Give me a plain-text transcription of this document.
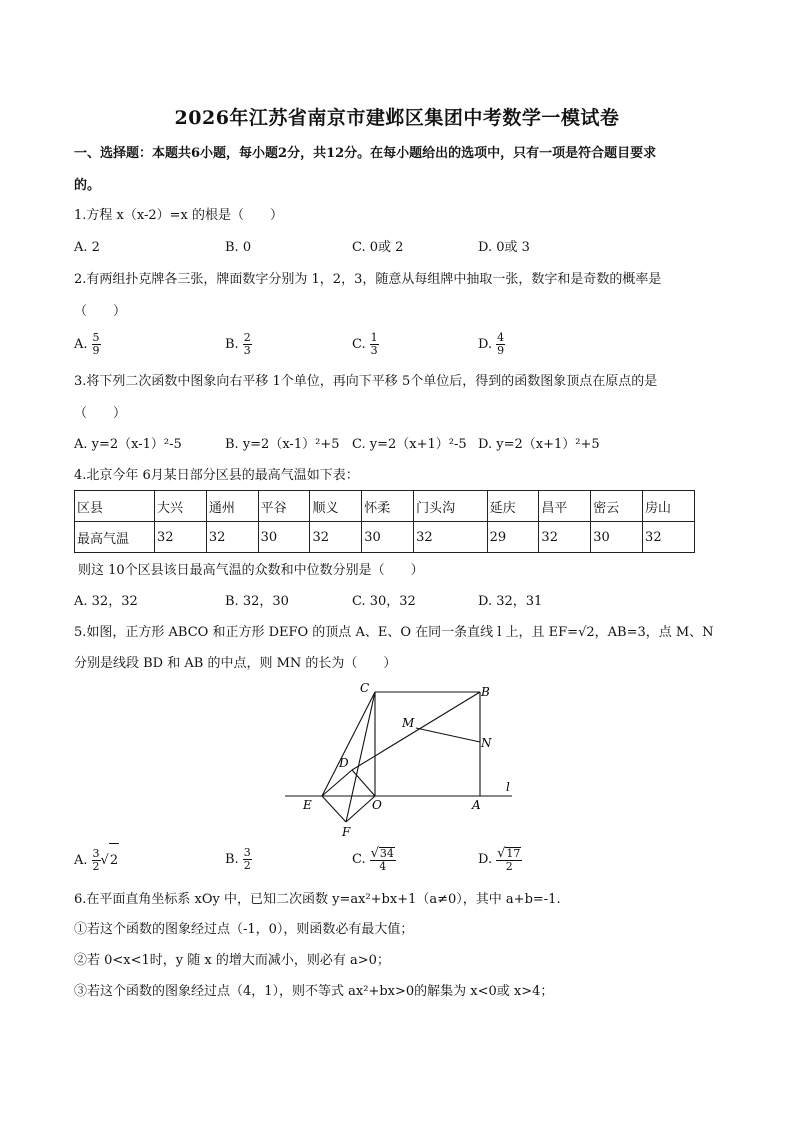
2026年江苏省南京市建邺区集团中考数学一模试卷
一、选择题：本题共6小题，每小题2分，共12分。在每小题给出的选项中，只有一项是符合题目要求
的。
1.方程 x（x-2）=x 的根是（　　）
A. 2	B. 0	C. 0或 2	D. 0或 3
2.有两组扑克牌各三张，牌面数字分别为 1，2，3，随意从每组牌中抽取一张，数字和是奇数的概率是
（　　）
A. $\frac{5}{9}$	B. $\frac{2}{3}$	C. $\frac{1}{3}$	D. $\frac{4}{9}$
3.将下列二次函数中图象向右平移 1个单位，再向下平移 5个单位后，得到的函数图象顶点在原点的是
（　　）
A. y=2（x-1）²-5	B. y=2（x-1）²+5 C. y=2（x+1）²-5 D. y=2（x+1）²+5
4.北京今年 6月某日部分区县的最高气温如下表：
区县	大兴	通州	平谷	顺义	怀柔	门头沟	延庆	昌平	密云	房山
最高气温	32	32	30	32	30	32	29	32	30	32
则这 10个区县该日最高气温的众数和中位数分别是（　　）
A. 32，32	B. 32，30	C. 30，32	D. 32，31
5.如图，正方形 ABCO 和正方形 DEFO 的顶点 A、E、O 在同一条直线 l 上，且 EF=√2，AB=3，点 M、N
分别是线段 BD 和 AB 的中点，则 MN 的长为（　　）
C	B
M
N
D
E	O	A
l
F
A. $\frac{3}{2} √2$	B. $\frac{3}{2}$	C. $\frac{√34}{4}$	D. $\frac{√17}{2}$
6.在平面直角坐标系 xOy 中，已知二次函数 y=ax²+bx+1（a≠0），其中 a+b=-1.
①若这个函数的图象经过点（-1，0），则函数必有最大值；
②若 0<x<1时，y 随 x 的增大而减小，则必有 a>0；
③若这个函数的图象经过点（4，1），则不等式 ax²+bx>0的解集为 x<0或 x>4；
